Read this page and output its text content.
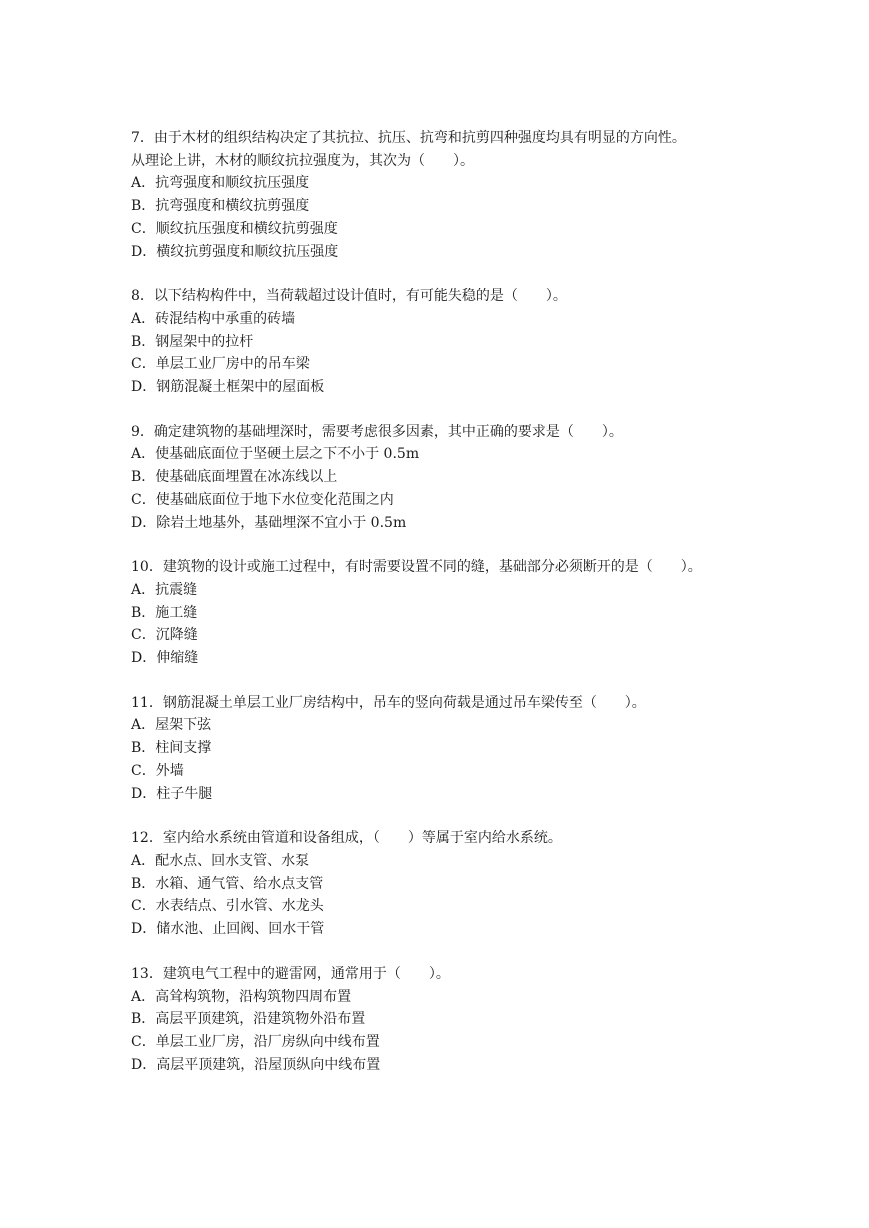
7．由于木材的组织结构决定了其抗拉、抗压、抗弯和抗剪四种强度均具有明显的方向性。

从理论上讲，木材的顺纹抗拉强度为，其次为（　　）。

A．抗弯强度和顺纹抗压强度

B．抗弯强度和横纹抗剪强度

C．顺纹抗压强度和横纹抗剪强度

D．横纹抗剪强度和顺纹抗压强度

8．以下结构构件中，当荷载超过设计值时，有可能失稳的是（　　）。

A．砖混结构中承重的砖墙

B．钢屋架中的拉杆

C．单层工业厂房中的吊车梁

D．钢筋混凝土框架中的屋面板

9．确定建筑物的基础埋深时，需要考虑很多因素，其中正确的要求是（　　）。

A．使基础底面位于坚硬土层之下不小于 0.5m

B．使基础底面埋置在冰冻线以上

C．使基础底面位于地下水位变化范围之内

D．除岩土地基外，基础埋深不宜小于 0.5m

10．建筑物的设计或施工过程中，有时需要设置不同的缝，基础部分必须断开的是（　　）。

A．抗震缝

B．施工缝

C．沉降缝

D．伸缩缝

11．钢筋混凝土单层工业厂房结构中，吊车的竖向荷载是通过吊车梁传至（　　）。

A．屋架下弦

B．柱间支撑

C．外墙

D．柱子牛腿

12．室内给水系统由管道和设备组成，（　　）等属于室内给水系统。

A．配水点、回水支管、水泵

B．水箱、通气管、给水点支管

C．水表结点、引水管、水龙头

D．储水池、止回阀、回水干管

13．建筑电气工程中的避雷网，通常用于（　　）。

A．高耸构筑物，沿构筑物四周布置

B．高层平顶建筑，沿建筑物外沿布置

C．单层工业厂房，沿厂房纵向中线布置

D．高层平顶建筑，沿屋顶纵向中线布置
